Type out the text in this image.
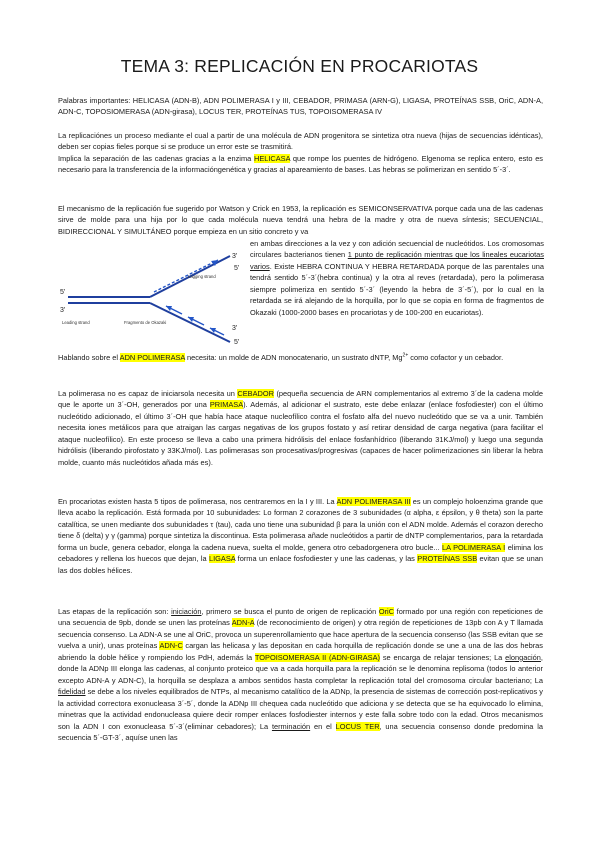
TEMA 3: REPLICACIÓN EN PROCARIOTAS

Palabras importantes: HELICASA (ADN-B), ADN POLIMERASA I y III, CEBADOR, PRIMASA (ARN-G), LIGASA, PROTEÍNAS SSB, OriC, ADN-A, ADN-C, TOPOSIOMERASA (ADN-girasa), LOCUS TER, PROTEÍNAS TUS, TOPOISOMERASA IV

La replicaciónes un proceso mediante el cual a partir de una molécula de ADN progenitora se sintetiza otra nueva (hijas de secuencias idénticas), deben ser copias fieles porque si se produce un error este se trasmitirá.
Implica la separación de las cadenas gracias a la enzima HELICASA que rompe los puentes de hidrógeno. Elgenoma se replica entero, esto es necesario para la transferencia de la informacióngenética y gracias al apareamiento de bases. Las hebras se polimerizan en sentido 5´-3´.

El mecanismo de la replicación fue sugerido por Watson y Crick en 1953, la replicación es SEMICONSERVATIVA porque cada una de las cadenas sirve de molde para una hija por lo que cada molécula nueva tendrá una hebra de la madre y otra de nueva síntesis; SECUENCIAL, BIDIRECCIONAL Y SIMULTÁNEO porque empieza en un sitio concreto y va

3'
5'
5'
3'
3'
5'
Leading strand	Fragmento de Okazaki
Lagging strand

en ambas direcciones a la vez y con adición secuencial de nucleótidos. Los cromosomas circulares bacterianos tienen 1 punto de replicación mientras que los lineales eucariotas varios. Existe HEBRA CONTINUA Y HEBRA RETARDADA porque de las parentales una tendrá sentido 5´-3´(hebra continua) y la otra al reves (retardada), pero la polimerasa siempre polimeriza en sentido 5´-3´ (leyendo la hebra de 3´-5´), por lo cual en la retardada se irá alejando de la horquilla, por lo que se copia en forma de fragmentos de Okazaki (1000-2000 bases en procariotas y de 100-200 en eucariotas).

Hablando sobre el ADN POLIMERASA necesita: un molde de ADN monocatenario, un sustrato dNTP, $Mg^{2+}$ como cofactor y un cebador.

La polimerasa no es capaz de iniciarsola necesita un CEBADOR (pequeña secuencia de ARN complementarios al extremo 3´de la cadena molde que le aporte un 3´-OH, generados por una PRIMASA). Además, al adicionar el sustrato, este debe enlazar (enlace fosfodiester) con el último nucleótido adicionado, el último 3´-OH que había hace ataque nucleofílico contra el fosfato alfa del nuevo nucleótido que se va a unir. También necesita iones metálicos para que atraigan las cargas negativas de los grupos fostato y así retirar densidad de carga negativa (para facilitar el ataque nucleofílico). En este proceso se lleva a cabo una primera hidrólisis del enlace fosfanhídrico (liberando 31KJ/mol) y luego una segunda hidrólisis (liberando pirofostato y 33KJ/mol). Las polimerasas son procesativas/progresivas (capaces de hacer polimerizaciones sin liberar la hebra molde, cuanto más nucleótidos añada más es).

En procariotas existen hasta 5 tipos de polimerasa, nos centraremos en la I y III. La ADN POLIMERASA III es un complejo holoenzima grande que lleva acabo la replicación. Está formada por 10 subunidades: Lo forman 2 corazones de 3 subunidades (α alpha, ε épsilon, y θ theta) son la parte catalítica, se unen mediante dos subunidades τ (tau), cada uno tiene una subunidad β para la unión con el ADN molde. Además el corazon derecho tiene δ (delta) y γ (gamma) porque sintetiza la discontinua. Esta polimerasa añade nucleótidos a partir de dNTP complementarios, para la retardada forma un bucle, genera cebador, elonga la cadena nueva, suelta el molde, genera otro cebadorgenera otro bucle... LA POLIMERASA I elimina los cebadores y rellena los huecos que dejan, la LIGASA forma un enlace fosfodiester y une las cadenas, y las PROTEÍNAS SSB evitan que se unan las dos dobles hélices.

Las etapas de la replicación son: iniciación, primero se busca el punto de origen de replicación OriC formado por una región con repeticiones de una secuencia de 9pb, donde se unen las proteínas ADN-A (de reconocimiento de origen) y otra región de repeticiones de 13pb con A y T llamada secuencia consenso. La ADN-A se une al OriC, provoca un superenrollamiento que hace apertura de la secuencia consenso (las SSB evitan que se vuelva a unir), unas proteínas ADN-C cargan las helicasa y las depositan en cada horquilla de replicación donde se une a una de las dos hebras abriendo la doble hélice y rompiendo los PdH, además la TOPOISOMERASA II (ADN-GIRASA) se encarga de relajar tensiones; La elongación, donde la ADNp III elonga las cadenas, al conjunto proteico que va a cada horquilla para la replicación se le denomina replisoma (todos lo anterior excepto ADN-A y ADN-C), la horquilla se desplaza a ambos sentidos hasta completar la replicación total del cromosoma circular bacteriano; La fidelidad se debe a los niveles equilibrados de NTPs, al mecanismo catalítico de la ADNp, la presencia de sistemas de corrección post-replicativos y la actividad correctora exonucleasa 3´-5´, donde la ADNp III chequea cada nucleótido que adiciona y se detecta que se ha equivocado lo elimina, minetras que la actividad endonucleasa quiere decir romper enlaces fosfodiester internos y este falla sobre todo con la edad. Otros mecanismos son la ADN I con exonucleasa 5´-3´(eliminar cebadores); La terminación en el LOCUS TER, una secuencia consenso donde predomina la secuencia 5´-GT-3´, aquíse unen las
